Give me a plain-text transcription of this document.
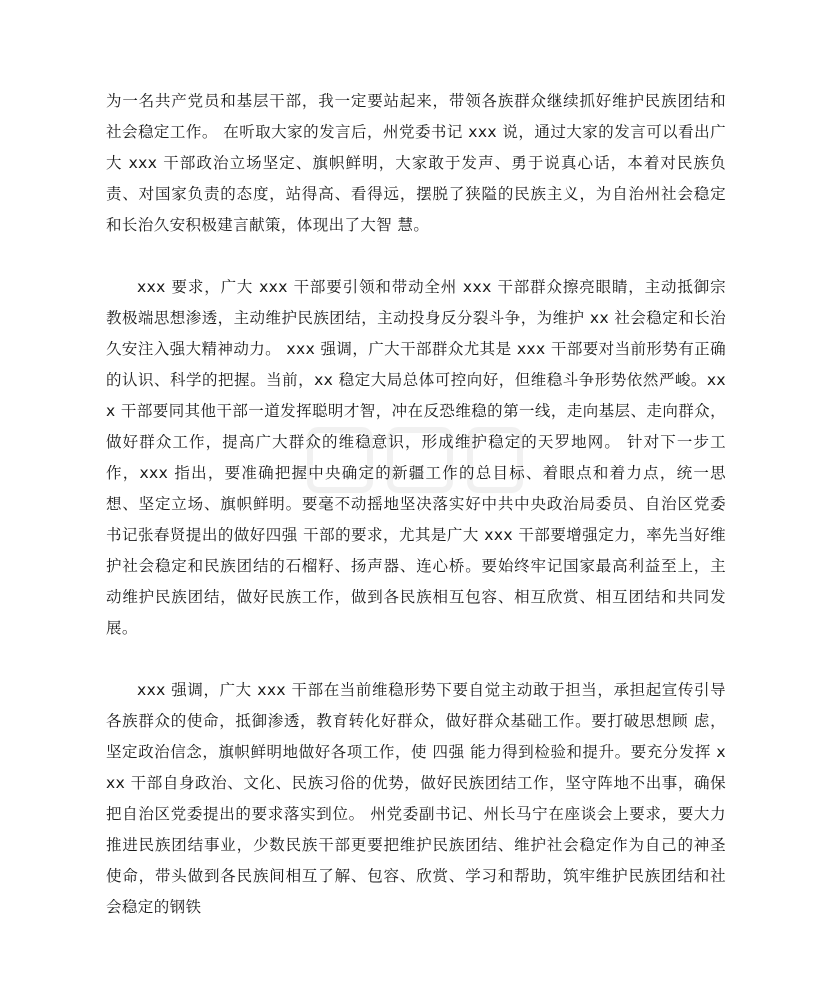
为一名共产党员和基层干部，我一定要站起来，带领各族群众继续抓好维护民族团结和社会稳定工作。 在听取大家的发言后，州党委书记 xxx 说，通过大家的发言可以看出广大 xxx 干部政治立场坚定、旗帜鲜明，大家敢于发声、勇于说真心话，本着对民族负责、对国家负责的态度，站得高、看得远，摆脱了狭隘的民族主义，为自治州社会稳定和长治久安积极建言献策，体现出了大智 慧。

xxx 要求，广大 xxx 干部要引领和带动全州 xxx 干部群众擦亮眼睛，主动抵御宗教极端思想渗透，主动维护民族团结，主动投身反分裂斗争，为维护 xx 社会稳定和长治久安注入强大精神动力。 xxx 强调，广大干部群众尤其是 xxx 干部要对当前形势有正确的认识、科学的把握。当前，xx 稳定大局总体可控向好，但维稳斗争形势依然严峻。xxx 干部要同其他干部一道发挥聪明才智，冲在反恐维稳的第一线，走向基层、走向群众，做好群众工作，提高广大群众的维稳意识，形成维护稳定的天罗地网。 针对下一步工作，xxx 指出，要准确把握中央确定的新疆工作的总目标、着眼点和着力点，统一思想、坚定立场、旗帜鲜明。要毫不动摇地坚决落实好中共中央政治局委员、自治区党委书记张春贤提出的做好四强 干部的要求，尤其是广大 xxx 干部要增强定力，率先当好维护社会稳定和民族团结的石榴籽、扬声器、连心桥。要始终牢记国家最高利益至上，主动维护民族团结，做好民族工作，做到各民族相互包容、相互欣赏、相互团结和共同发展。

xxx 强调，广大 xxx 干部在当前维稳形势下要自觉主动敢于担当，承担起宣传引导各族群众的使命，抵御渗透，教育转化好群众，做好群众基础工作。要打破思想顾 虑，坚定政治信念，旗帜鲜明地做好各项工作，使 四强 能力得到检验和提升。要充分发挥 xxx 干部自身政治、文化、民族习俗的优势，做好民族团结工作，坚守阵地不出事，确保把自治区党委提出的要求落实到位。 州党委副书记、州长马宁在座谈会上要求，要大力推进民族团结事业，少数民族干部更要把维护民族团结、维护社会稳定作为自己的神圣使命，带头做到各民族间相互了解、包容、欣赏、学习和帮助，筑牢维护民族团结和社会稳定的钢铁
